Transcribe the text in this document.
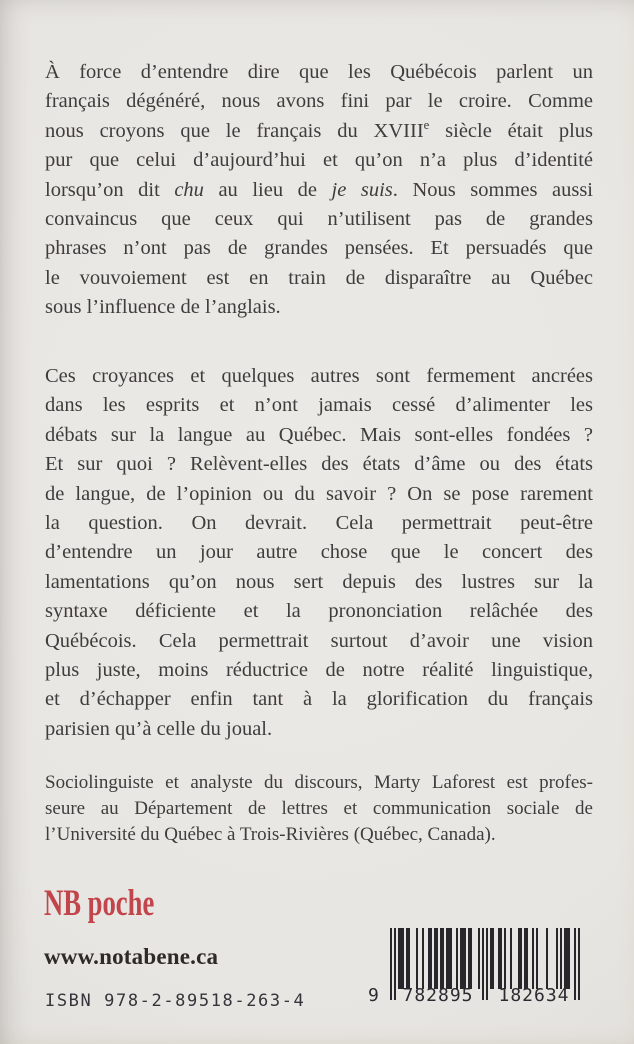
À force d’entendre dire que les Québécois parlent un
français dégénéré, nous avons fini par le croire. Comme
nous croyons que le français du XVIIIe siècle était plus
pur que celui d’aujourd’hui et qu’on n’a plus d’identité
lorsqu’on dit chu au lieu de je suis. Nous sommes aussi
convaincus que ceux qui n’utilisent pas de grandes
phrases n’ont pas de grandes pensées. Et persuadés que
le vouvoiement est en train de disparaître au Québec
sous l’influence de l’anglais.
Ces croyances et quelques autres sont fermement ancrées
dans les esprits et n’ont jamais cessé d’alimenter les
débats sur la langue au Québec. Mais sont-elles fondées ?
Et sur quoi ? Relèvent-elles des états d’âme ou des états
de langue, de l’opinion ou du savoir ? On se pose rarement
la question. On devrait. Cela permettrait peut-être
d’entendre un jour autre chose que le concert des
lamentations qu’on nous sert depuis des lustres sur la
syntaxe déficiente et la prononciation relâchée des
Québécois. Cela permettrait surtout d’avoir une vision
plus juste, moins réductrice de notre réalité linguistique,
et d’échapper enfin tant à la glorification du français
parisien qu’à celle du joual.
Sociolinguiste et analyste du discours, Marty Laforest est profes-
seure au Département de lettres et communication sociale de
l’Université du Québec à Trois-Rivières (Québec, Canada).
NB poche
www.notabene.ca
ISBN 978-2-89518-263-4	9	782895	182634
